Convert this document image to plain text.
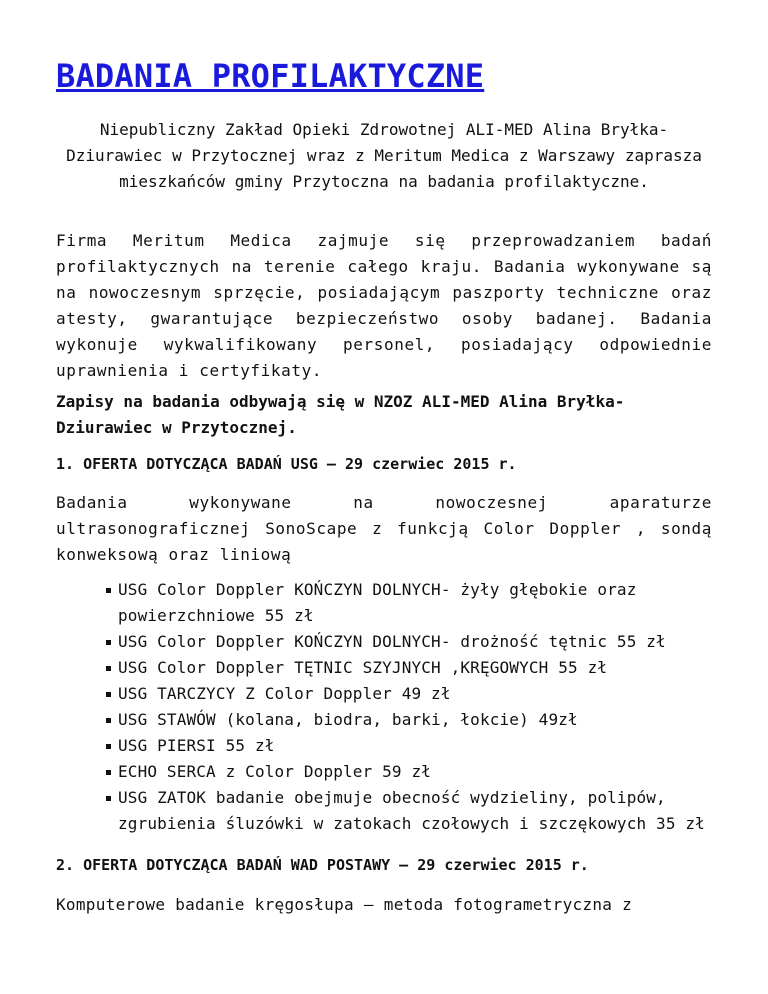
BADANIA PROFILAKTYCZNE

Niepubliczny Zakład Opieki Zdrowotnej ALI-MED Alina Bryłka-Dziurawiec w Przytocznej wraz z Meritum Medica z Warszawy zaprasza mieszkańców gminy Przytoczna na badania profilaktyczne.

Firma Meritum Medica zajmuje się przeprowadzaniem badań profilaktycznych na terenie całego kraju. Badania wykonywane są na nowoczesnym sprzęcie, posiadającym paszporty techniczne oraz atesty, gwarantujące bezpieczeństwo osoby badanej. Badania wykonuje wykwalifikowany personel, posiadający odpowiednie uprawnienia i certyfikaty.

Zapisy na badania odbywają się w NZOZ ALI-MED Alina Bryłka-Dziurawiec w Przytocznej.

1. OFERTA DOTYCZĄCA BADAŃ USG – 29 czerwiec 2015 r.

Badania wykonywane na nowoczesnej aparaturze
ultrasonograficznej SonoScape z funkcją Color Doppler , sondą konweksową oraz liniową

USG Color Doppler KOŃCZYN DOLNYCH- żyły głębokie oraz powierzchniowe 55 zł
USG Color Doppler KOŃCZYN DOLNYCH- drożność tętnic 55 zł
USG Color Doppler TĘTNIC SZYJNYCH ,KRĘGOWYCH 55 zł
USG TARCZYCY Z Color Doppler 49 zł
USG STAWÓW (kolana, biodra, barki, łokcie) 49zł
USG PIERSI 55 zł
ECHO SERCA z Color Doppler 59 zł
USG ZATOK badanie obejmuje obecność wydzieliny, polipów, zgrubienia śluzówki w zatokach czołowych i szczękowych 35 zł
2. OFERTA DOTYCZĄCA BADAŃ WAD POSTAWY – 29 czerwiec 2015 r.

Komputerowe badanie kręgosłupa – metoda fotogrametryczna z
